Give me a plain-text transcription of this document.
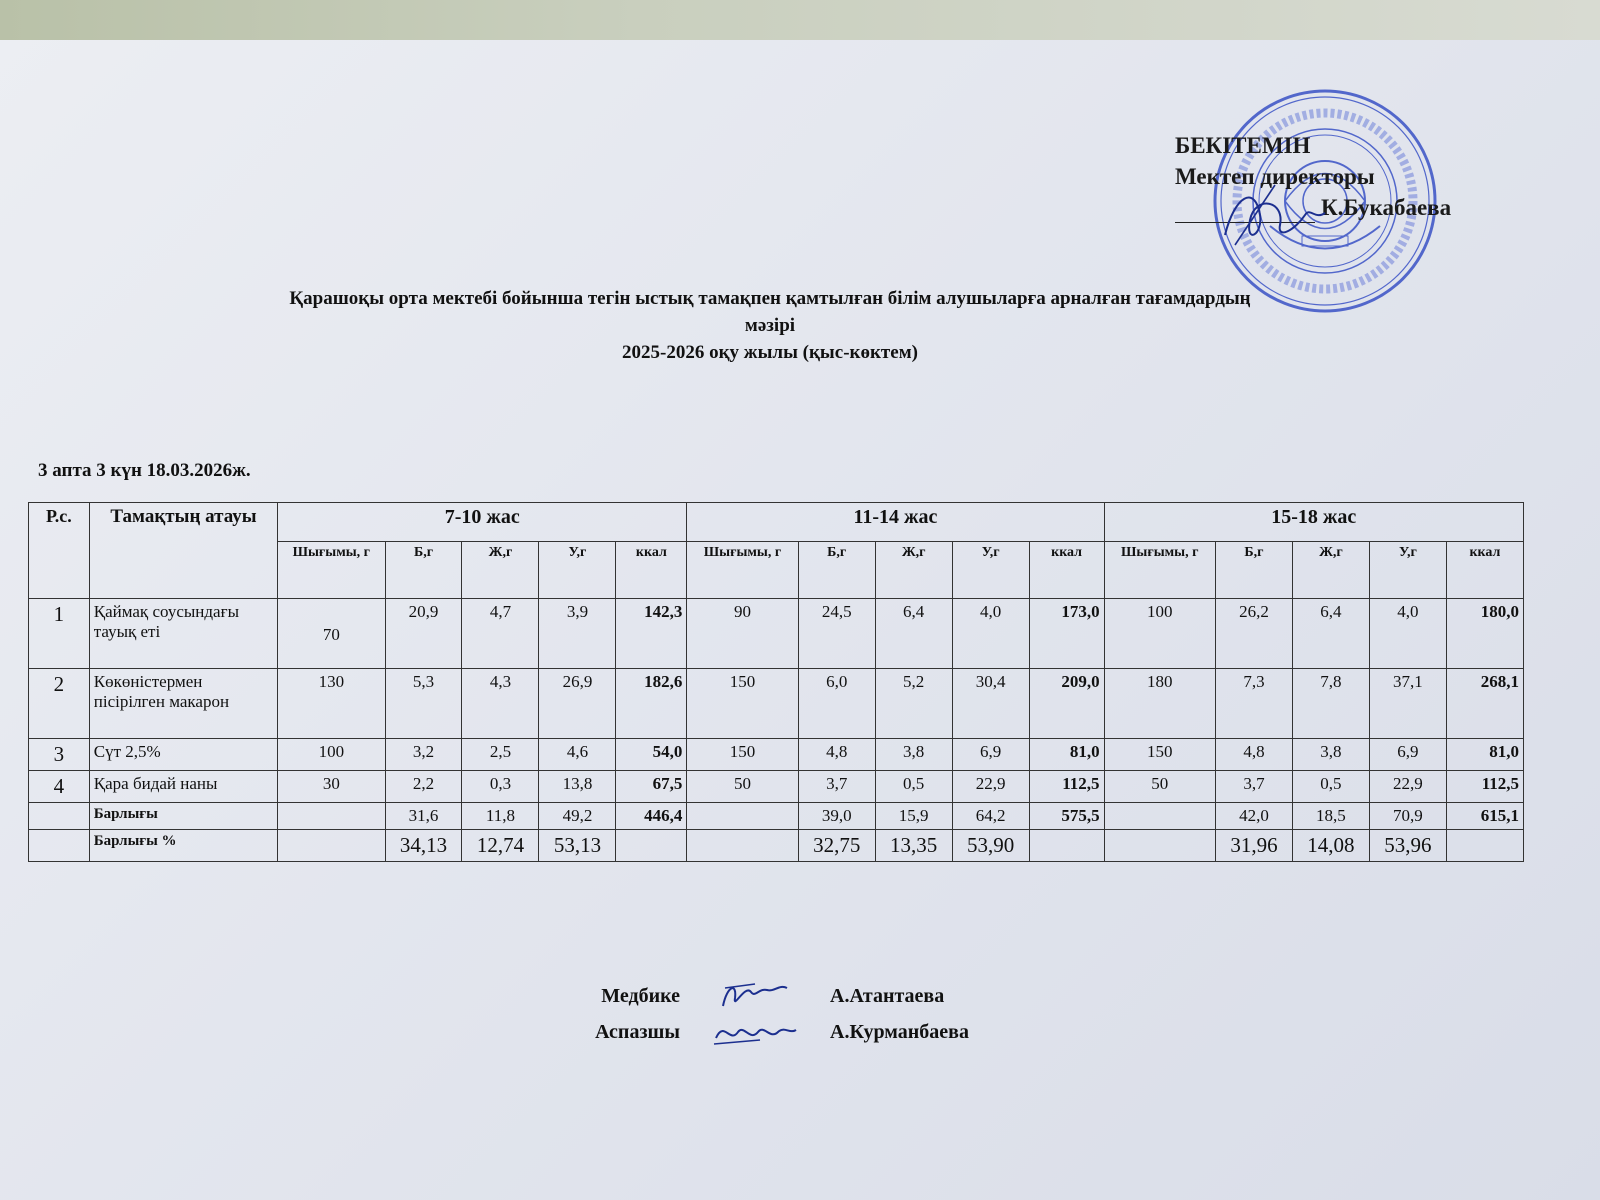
БЕКІТЕМІН
Мектеп директоры
К.Букабаева
Қарашоқы орта мектебі бойынша тегін ыстық тамақпен қамтылған білім алушыларға арналған тағамдардың
мәзірі
2025-2026 оқу жылы (қыс-көктем)
3 апта 3 күн 18.03.2026ж.
Р.с.	Тамақтың атауы	7-10 жас					11-14 жас					15-18 жас				
		Шығымы, г	Б,г	Ж,г	У,г	ккал	Шығымы, г	Б,г	Ж,г	У,г	ккал	Шығымы, г	Б,г	Ж,г	У,г	ккал
1	Қаймақ соусындағы тауық еті	70	20,9	4,7	3,9	142,3	90	24,5	6,4	4,0	173,0	100	26,2	6,4	4,0	180,0
2	Көкөністермен пісірілген макарон	130	5,3	4,3	26,9	182,6	150	6,0	5,2	30,4	209,0	180	7,3	7,8	37,1	268,1
3	Сүт 2,5%	100	3,2	2,5	4,6	54,0	150	4,8	3,8	6,9	81,0	150	4,8	3,8	6,9	81,0
4	Қара бидай наны	30	2,2	0,3	13,8	67,5	50	3,7	0,5	22,9	112,5	50	3,7	0,5	22,9	112,5
	Барлығы		31,6	11,8	49,2	446,4		39,0	15,9	64,2	575,5		42,0	18,5	70,9	615,1
	Барлығы %		34,13	12,74	53,13			32,75	13,35	53,90			31,96	14,08	53,96	
Медбике	А.Атантаева
Аспазшы	А.Курманбаева
